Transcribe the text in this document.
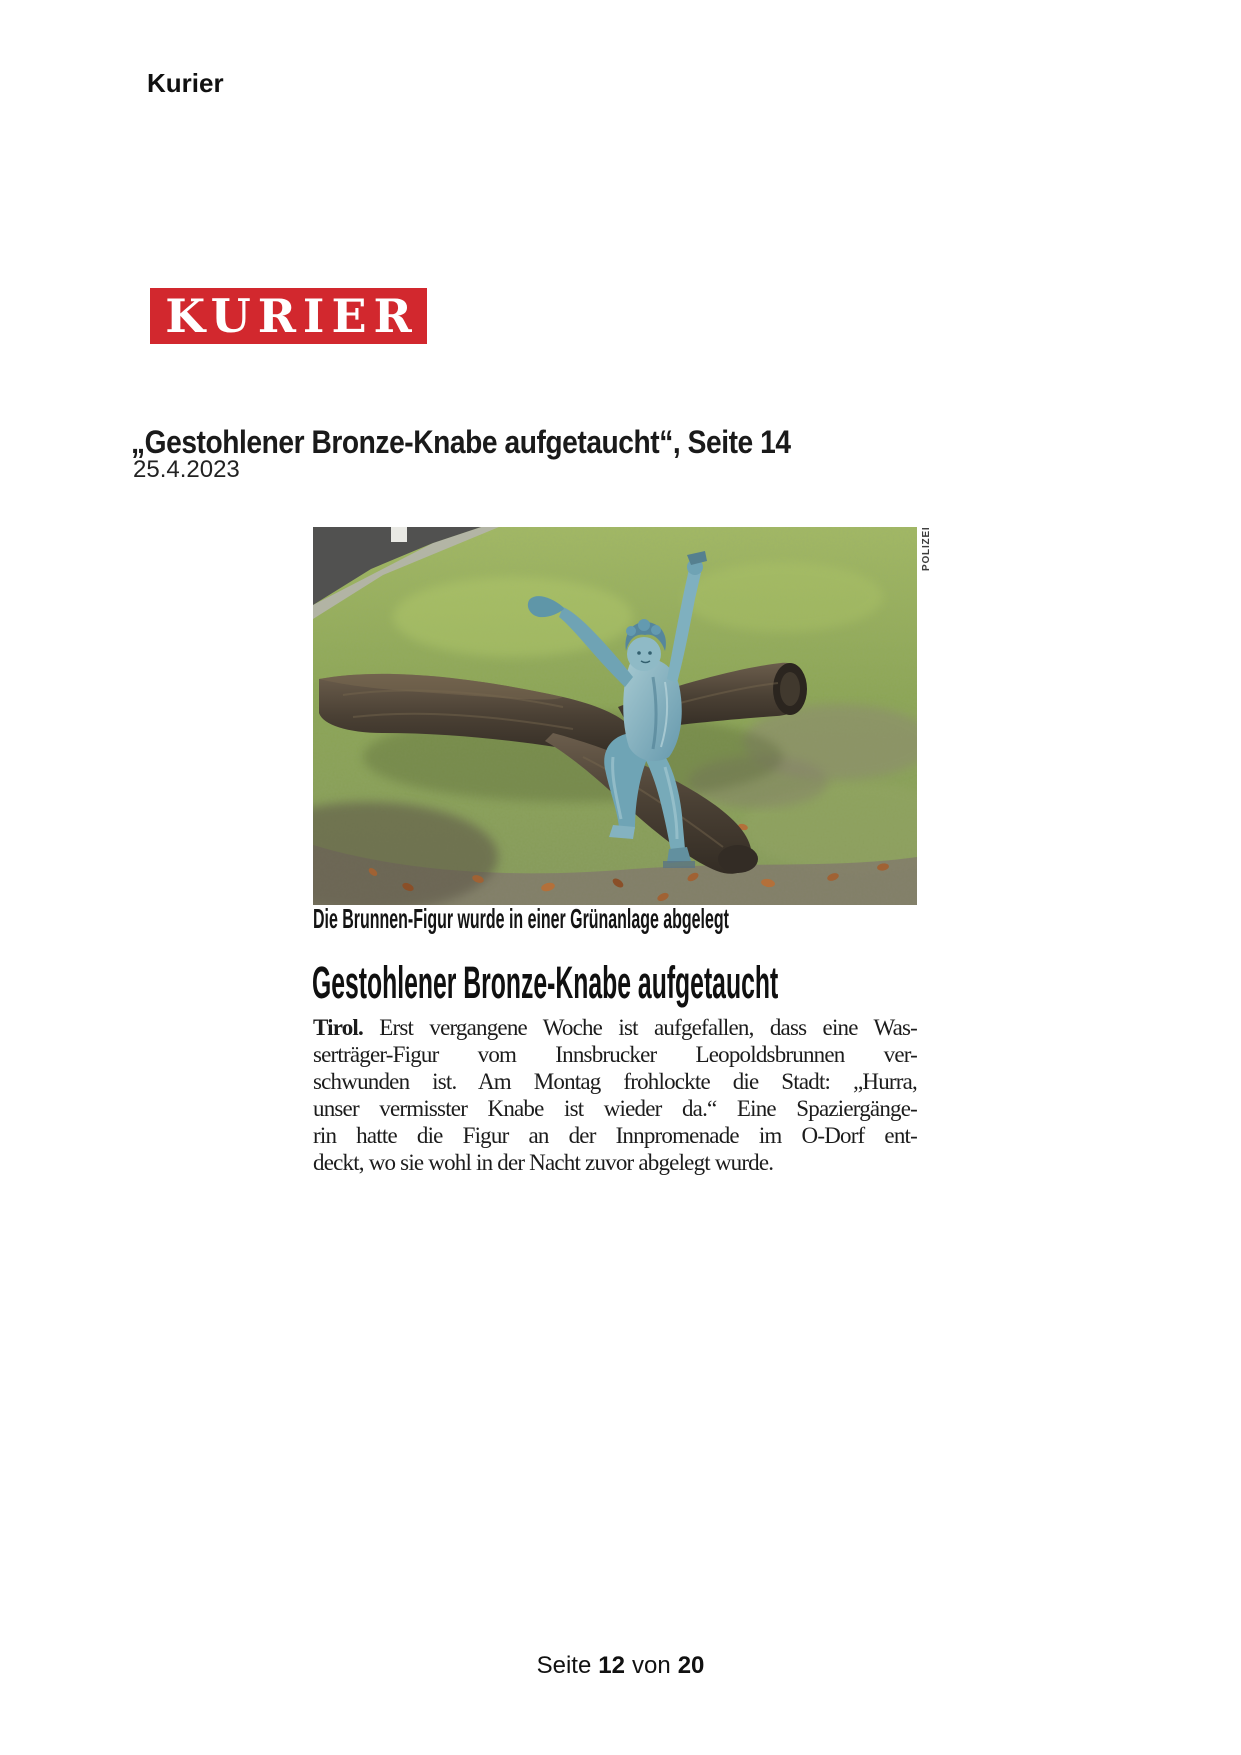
Kurier
KURIER
„Gestohlener Bronze-Knabe aufgetaucht“, Seite 14
25.4.2023
POLIZEI
Die Brunnen-Figur wurde in einer Grünanlage abgelegt
Gestohlener Bronze-Knabe aufgetaucht
Tirol. Erst vergangene Woche ist aufgefallen, dass eine Was-
serträger-Figur vom Innsbrucker Leopoldsbrunnen ver-
schwunden ist. Am Montag frohlockte die Stadt: „Hurra,
unser vermisster Knabe ist wieder da.“ Eine Spaziergänge-
rin hatte die Figur an der Innpromenade im O-Dorf ent-
deckt, wo sie wohl in der Nacht zuvor abgelegt wurde.
Seite 12 von 20
